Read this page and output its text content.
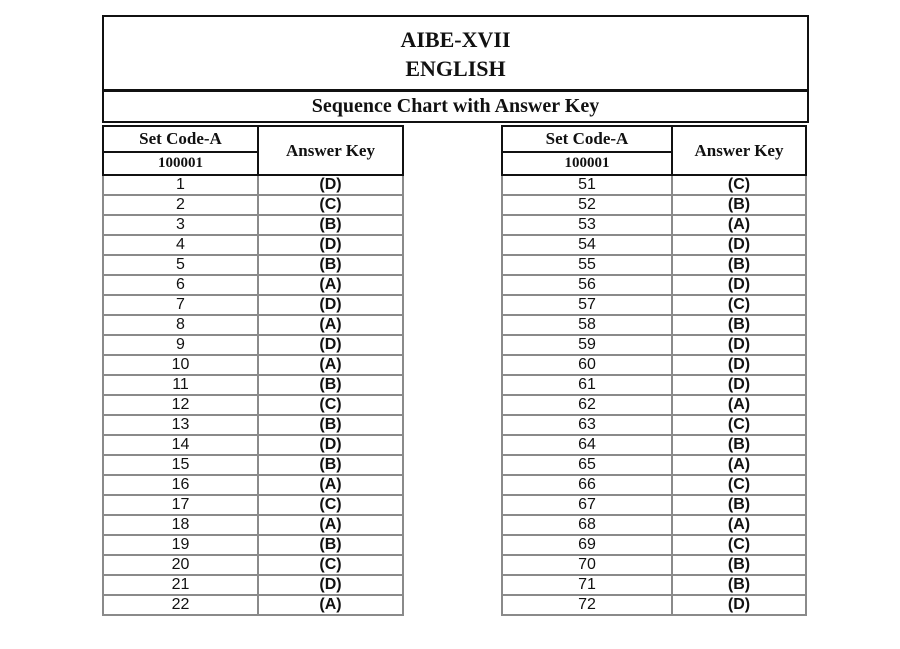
AIBE-XVII
ENGLISH
Sequence Chart with Answer Key
Set Code-A	Answer Key
100001	
1	(D)
2	(C)
3	(B)
4	(D)
5	(B)
6	(A)
7	(D)
8	(A)
9	(D)
10	(A)
11	(B)
12	(C)
13	(B)
14	(D)
15	(B)
16	(A)
17	(C)
18	(A)
19	(B)
20	(C)
21	(D)
22	(A)
Set Code-A	Answer Key
100001	
51	(C)
52	(B)
53	(A)
54	(D)
55	(B)
56	(D)
57	(C)
58	(B)
59	(D)
60	(D)
61	(D)
62	(A)
63	(C)
64	(B)
65	(A)
66	(C)
67	(B)
68	(A)
69	(C)
70	(B)
71	(B)
72	(D)
